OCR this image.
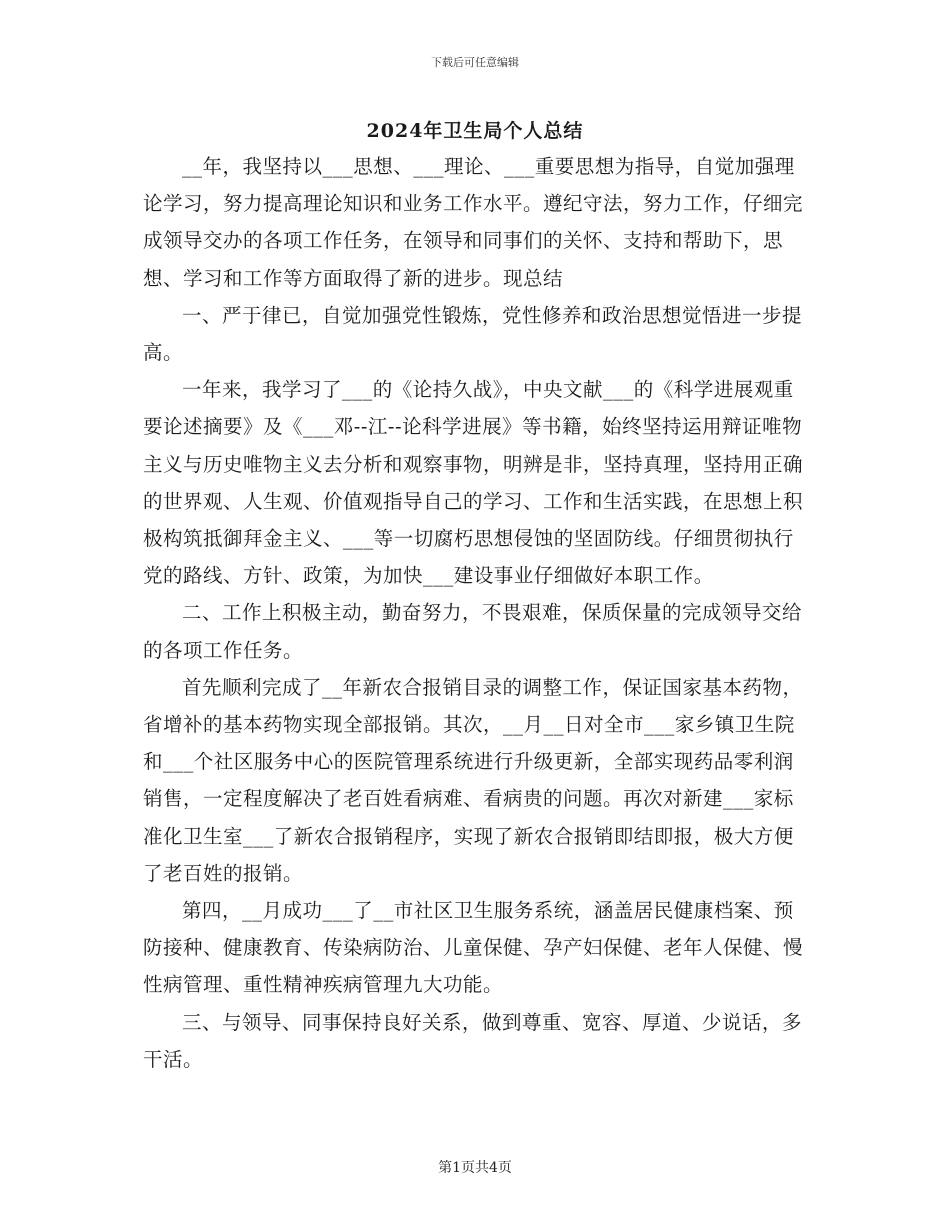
下载后可任意编辑
2024年卫生局个人总结

__年，我坚持以___思想、___理论、___重要思想为指导，自觉加强理论学习，努力提高理论知识和业务工作水平。遵纪守法，努力工作，仔细完成领导交办的各项工作任务，在领导和同事们的关怀、支持和帮助下，思想、学习和工作等方面取得了新的进步。现总结

一、严于律已，自觉加强党性锻炼，党性修养和政治思想觉悟进一步提高。

一年来，我学习了___的《论持久战》，中央文献___的《科学进展观重要论述摘要》及《___邓--江--论科学进展》等书籍，始终坚持运用辩证唯物主义与历史唯物主义去分析和观察事物，明辨是非，坚持真理，坚持用正确的世界观、人生观、价值观指导自己的学习、工作和生活实践，在思想上积极构筑抵御拜金主义、___等一切腐朽思想侵蚀的坚固防线。仔细贯彻执行党的路线、方针、政策，为加快___建设事业仔细做好本职工作。

二、工作上积极主动，勤奋努力，不畏艰难，保质保量的完成领导交给的各项工作任务。

首先顺利完成了__年新农合报销目录的调整工作，保证国家基本药物，省增补的基本药物实现全部报销。其次，__月__日对全市___家乡镇卫生院和___个社区服务中心的医院管理系统进行升级更新，全部实现药品零利润销售，一定程度解决了老百姓看病难、看病贵的问题。再次对新建___家标准化卫生室___了新农合报销程序，实现了新农合报销即结即报，极大方便了老百姓的报销。

第四，__月成功___了__市社区卫生服务系统，涵盖居民健康档案、预防接种、健康教育、传染病防治、儿童保健、孕产妇保健、老年人保健、慢性病管理、重性精神疾病管理九大功能。

三、与领导、同事保持良好关系，做到尊重、宽容、厚道、少说话，多干活。

第1页共4页
